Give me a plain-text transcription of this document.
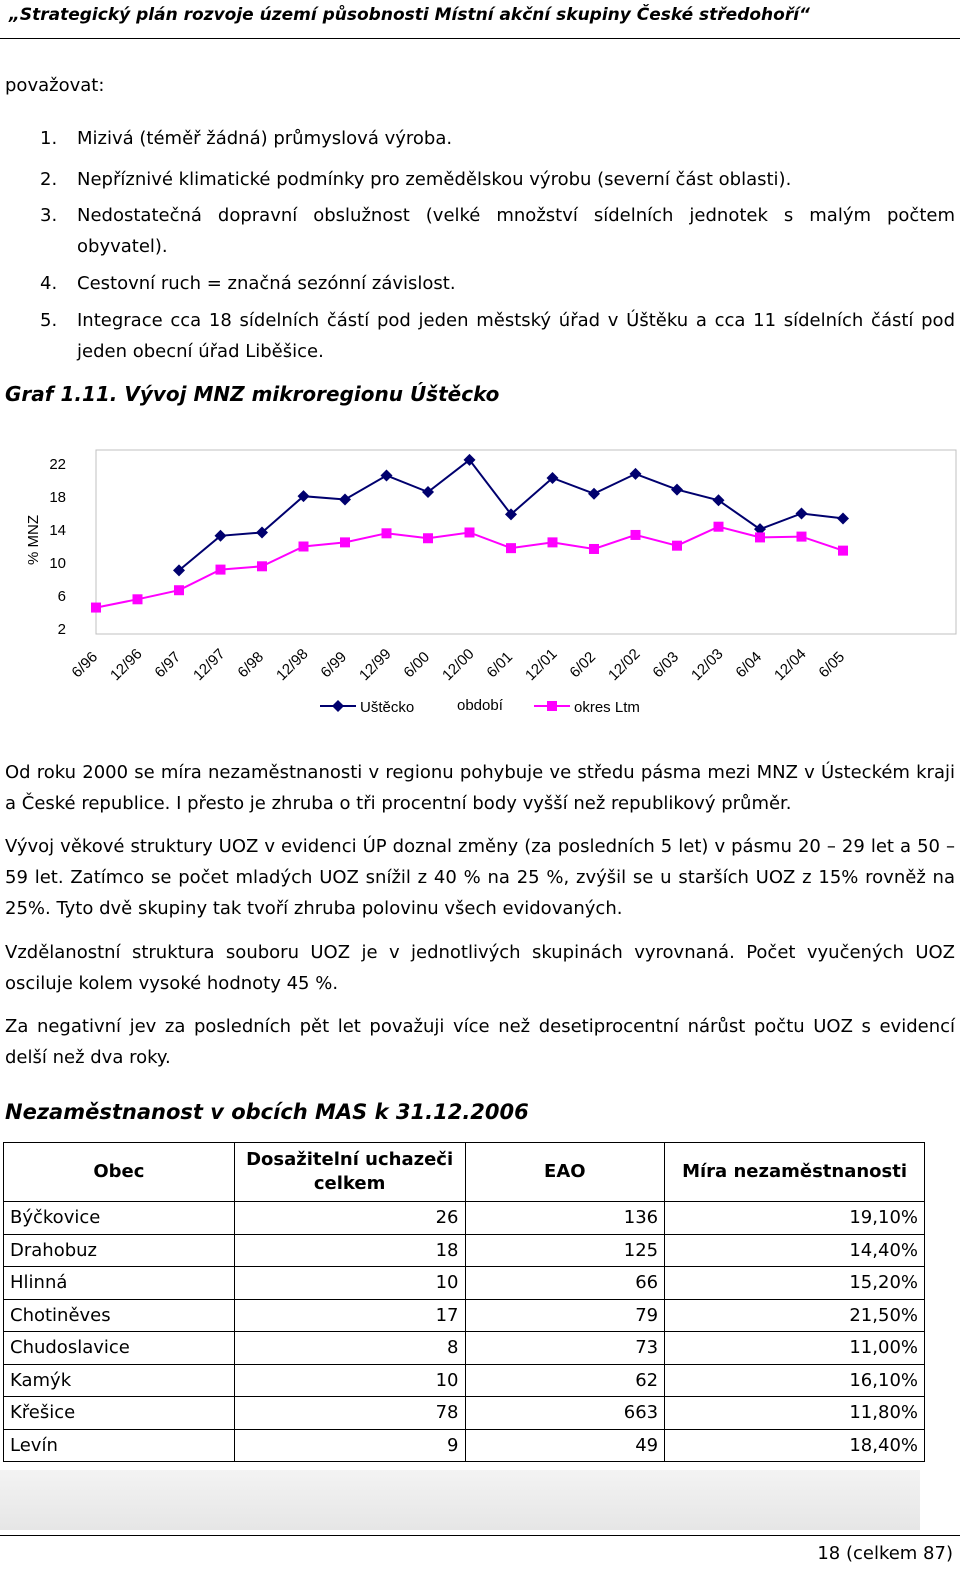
„Strategický plán rozvoje území působnosti Místní akční skupiny České středohoří“
považovat:
1. Mizivá (téměř žádná) průmyslová výroba.
2. Nepříznivé klimatické podmínky pro zemědělskou výrobu (severní část oblasti).
3. Nedostatečná dopravní obslužnost (velké množství sídelních jednotek s malým počtem obyvatel).
4. Cestovní ruch = značná sezónní závislost.
5. Integrace cca 18 sídelních částí pod jeden městský úřad v Úštěku a cca 11 sídelních částí pod jeden obecní úřad Liběšice.
Graf 1.11. Vývoj MNZ mikroregionu Úštěcko
22
18
14
10
6
2
% MNZ
6/96 12/96 6/97 12/97 6/98 12/98 6/99 12/99 6/00 12/00 6/01 12/01 6/02 12/02 6/03 12/03 6/04 12/04 6/05
Uštěcko	období	okres Ltm
Od roku 2000 se míra nezaměstnanosti v regionu pohybuje ve středu pásma mezi MNZ v Ústeckém kraji a České republice. I přesto je zhruba o tři procentní body vyšší než republikový průměr.
Vývoj věkové struktury UOZ v evidenci ÚP doznal změny (za posledních 5 let) v pásmu 20 – 29 let a 50 – 59 let. Zatímco se počet mladých UOZ snížil z 40 % na 25 %, zvýšil se u starších UOZ z 15% rovněž na 25%. Tyto dvě skupiny tak tvoří zhruba polovinu všech evidovaných.
Vzdělanostní struktura souboru UOZ je v jednotlivých skupinách vyrovnaná. Počet vyučených UOZ osciluje kolem vysoké hodnoty 45 %.
Za negativní jev za posledních pět let považuji více než desetiprocentní nárůst počtu UOZ s evidencí delší než dva roky.
Nezaměstnanost v obcích MAS k 31.12.2006
Obec	Dosažitelní uchazeči celkem	EAO	Míra nezaměstnanosti
Býčkovice	26	136	19,10%
Drahobuz	18	125	14,40%
Hlinná	10	66	15,20%
Chotiněves	17	79	21,50%
Chudoslavice	8	73	11,00%
Kamýk	10	62	16,10%
Křešice	78	663	11,80%
Levín	9	49	18,40%
18 (celkem 87)
